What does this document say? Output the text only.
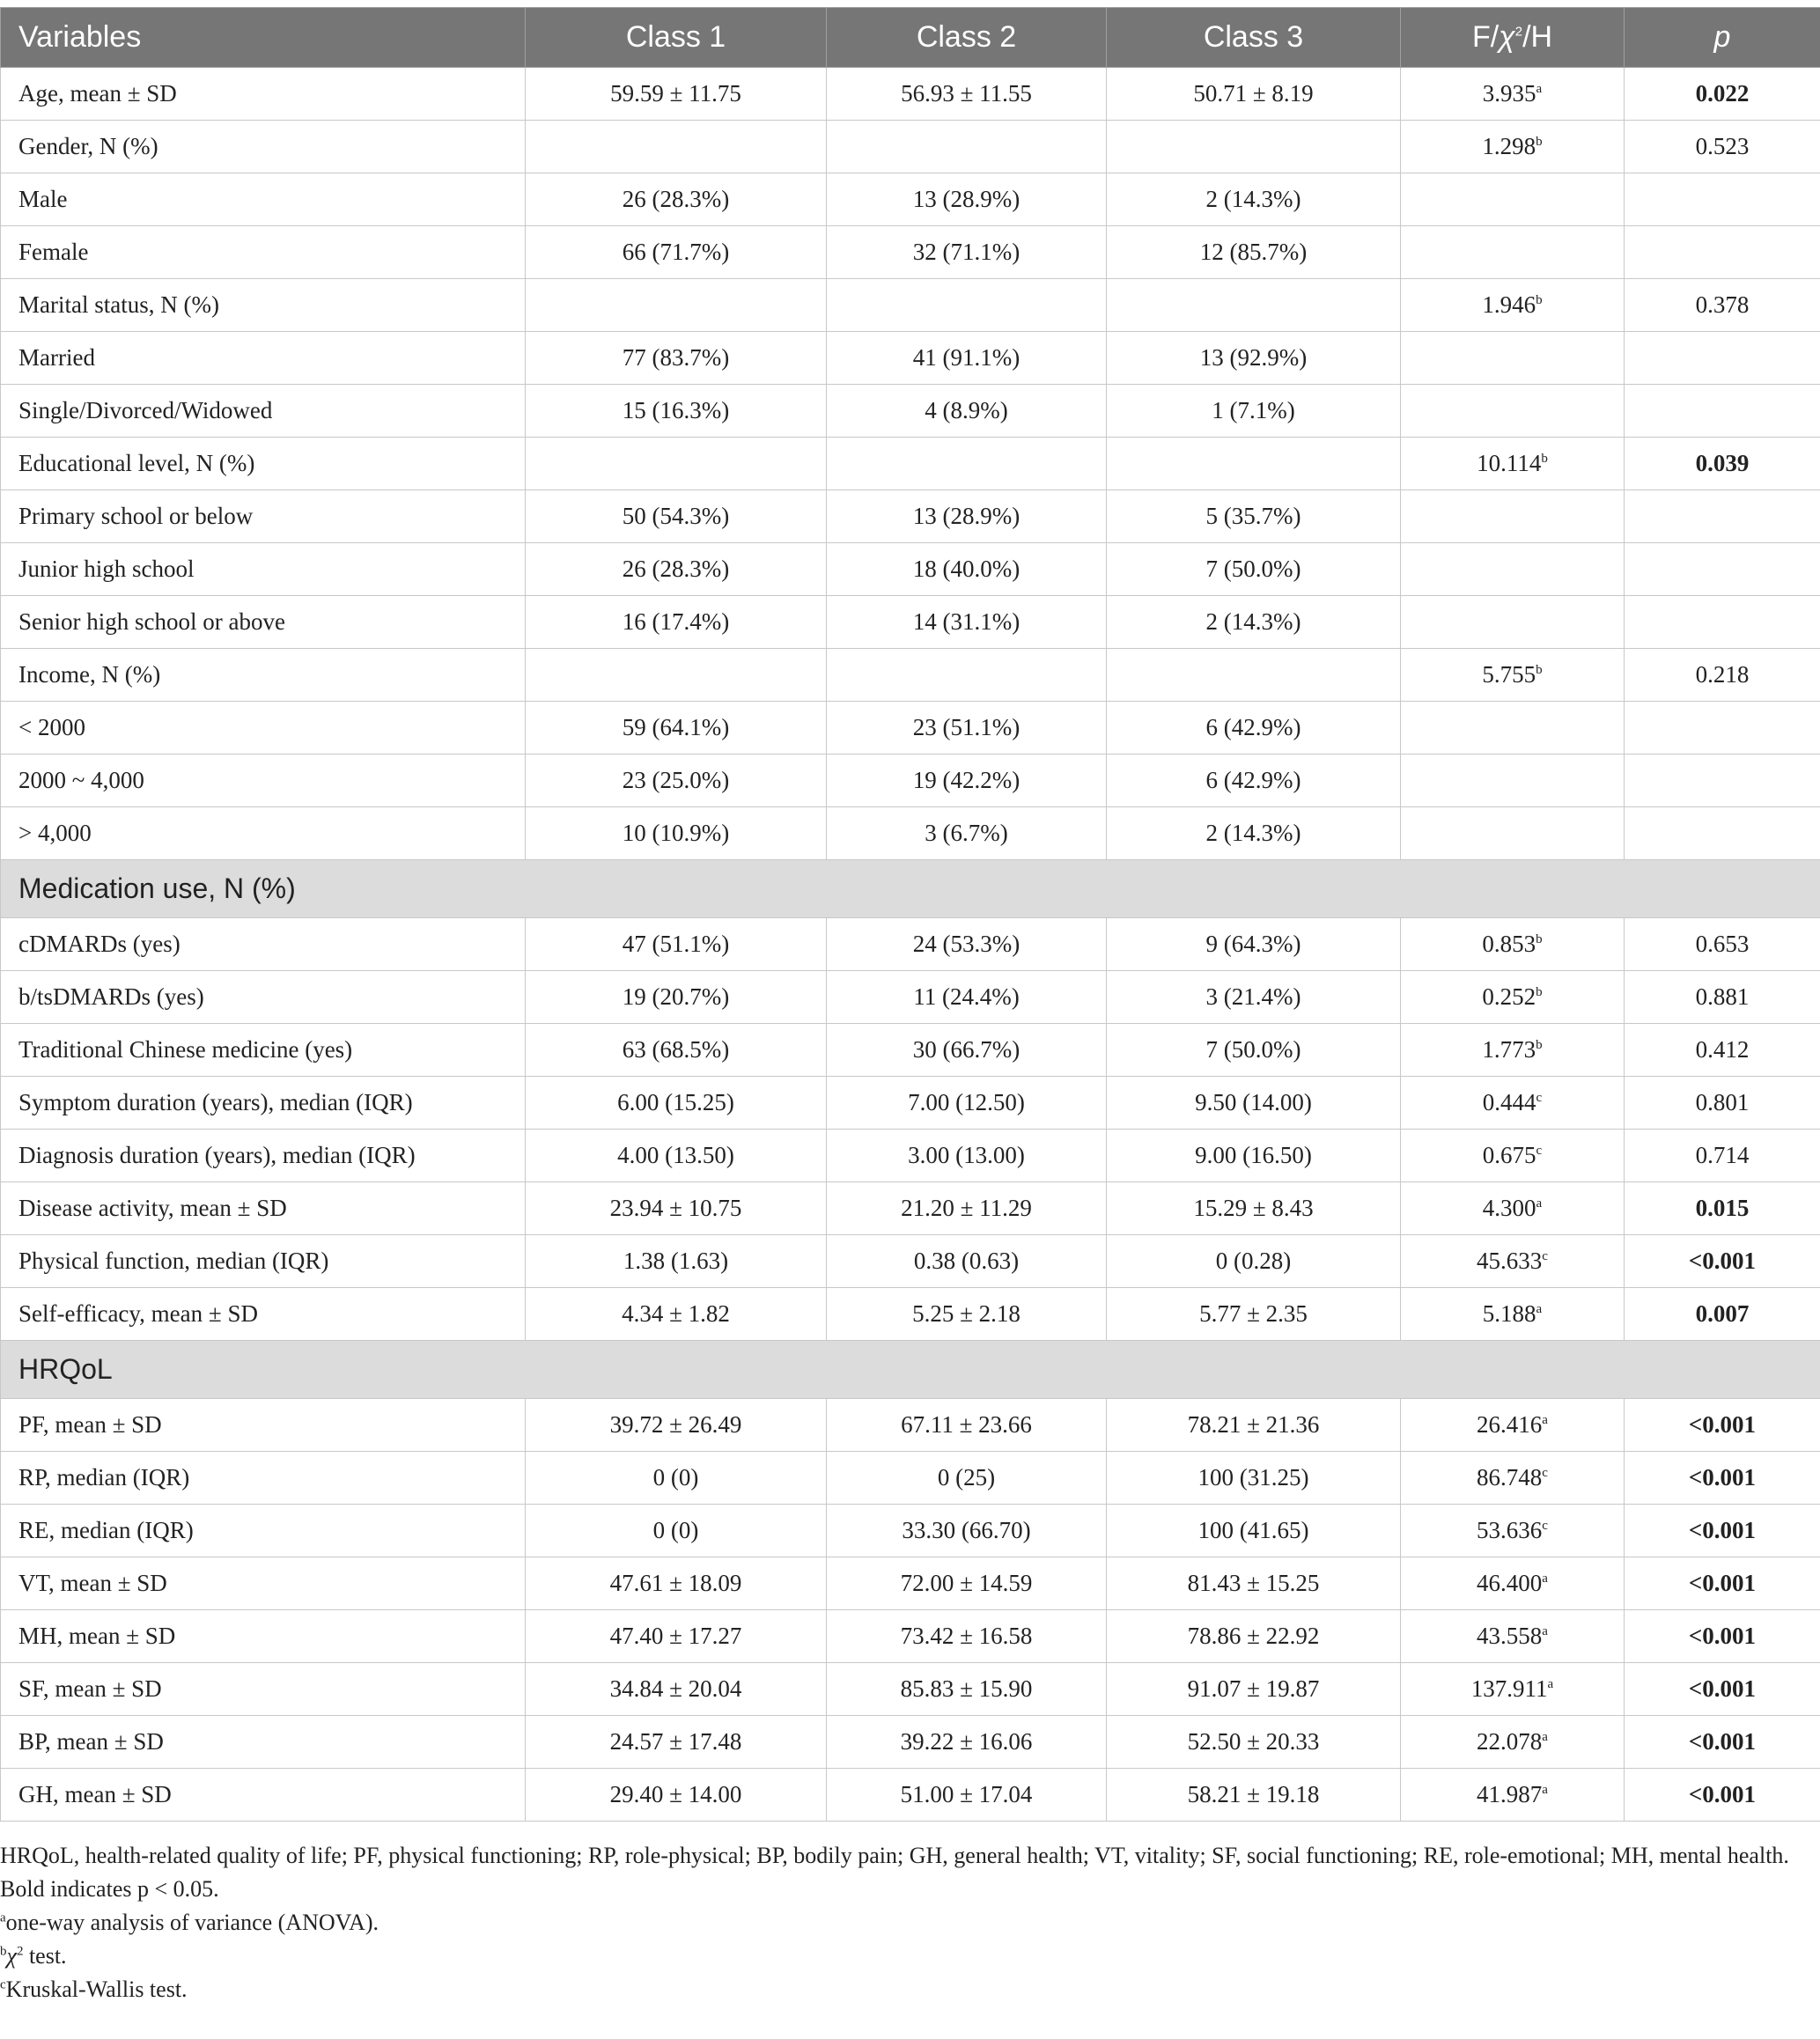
Variables	Class 1	Class 2	Class 3	$F/\chi^2/H$	p
Age, mean ± SD	59.59 ± 11.75	56.93 ± 11.55	50.71 ± 8.19	3.935$^a$	0.022
Gender, N (%)				1.298$^b$	0.523
Male	26 (28.3%)	13 (28.9%)	2 (14.3%)		
Female	66 (71.7%)	32 (71.1%)	12 (85.7%)		
Marital status, N (%)				1.946$^b$	0.378
Married	77 (83.7%)	41 (91.1%)	13 (92.9%)		
Single/Divorced/Widowed	15 (16.3%)	4 (8.9%)	1 (7.1%)		
Educational level, N (%)				10.114$^b$	0.039
Primary school or below	50 (54.3%)	13 (28.9%)	5 (35.7%)		
Junior high school	26 (28.3%)	18 (40.0%)	7 (50.0%)		
Senior high school or above	16 (17.4%)	14 (31.1%)	2 (14.3%)		
Income, N (%)				5.755$^b$	0.218
< 2000	59 (64.1%)	23 (51.1%)	6 (42.9%)		
2000 ~ 4,000	23 (25.0%)	19 (42.2%)	6 (42.9%)		
> 4,000	10 (10.9%)	3 (6.7%)	2 (14.3%)		
Medication use, N (%)					
cDMARDs (yes)	47 (51.1%)	24 (53.3%)	9 (64.3%)	0.853$^b$	0.653
b/tsDMARDs (yes)	19 (20.7%)	11 (24.4%)	3 (21.4%)	0.252$^b$	0.881
Traditional Chinese medicine (yes)	63 (68.5%)	30 (66.7%)	7 (50.0%)	1.773$^b$	0.412
Symptom duration (years), median (IQR)	6.00 (15.25)	7.00 (12.50)	9.50 (14.00)	0.444$^c$	0.801
Diagnosis duration (years), median (IQR)	4.00 (13.50)	3.00 (13.00)	9.00 (16.50)	0.675$^c$	0.714
Disease activity, mean ± SD	23.94 ± 10.75	21.20 ± 11.29	15.29 ± 8.43	4.300$^a$	0.015
Physical function, median (IQR)	1.38 (1.63)	0.38 (0.63)	0 (0.28)	45.633$^c$	<0.001
Self-efficacy, mean ± SD	4.34 ± 1.82	5.25 ± 2.18	5.77 ± 2.35	5.188$^a$	0.007
HRQoL					
PF, mean ± SD	39.72 ± 26.49	67.11 ± 23.66	78.21 ± 21.36	26.416$^a$	<0.001
RP, median (IQR)	0 (0)	0 (25)	100 (31.25)	86.748$^c$	<0.001
RE, median (IQR)	0 (0)	33.30 (66.70)	100 (41.65)	53.636$^c$	<0.001
VT, mean ± SD	47.61 ± 18.09	72.00 ± 14.59	81.43 ± 15.25	46.400$^a$	<0.001
MH, mean ± SD	47.40 ± 17.27	73.42 ± 16.58	78.86 ± 22.92	43.558$^a$	<0.001
SF, mean ± SD	34.84 ± 20.04	85.83 ± 15.90	91.07 ± 19.87	137.911$^a$	<0.001
BP, mean ± SD	24.57 ± 17.48	39.22 ± 16.06	52.50 ± 20.33	22.078$^a$	<0.001
GH, mean ± SD	29.40 ± 14.00	51.00 ± 17.04	58.21 ± 19.18	41.987$^a$	<0.001

HRQoL, health-related quality of life; PF, physical functioning; RP, role-physical; BP, bodily pain; GH, general health; VT, vitality; SF, social functioning; RE, role-emotional; MH, mental health. Bold indicates p < 0.05.

$^a$one-way analysis of variance (ANOVA).

$^b\chi^2$ test.

$^c$Kruskal-Wallis test.
